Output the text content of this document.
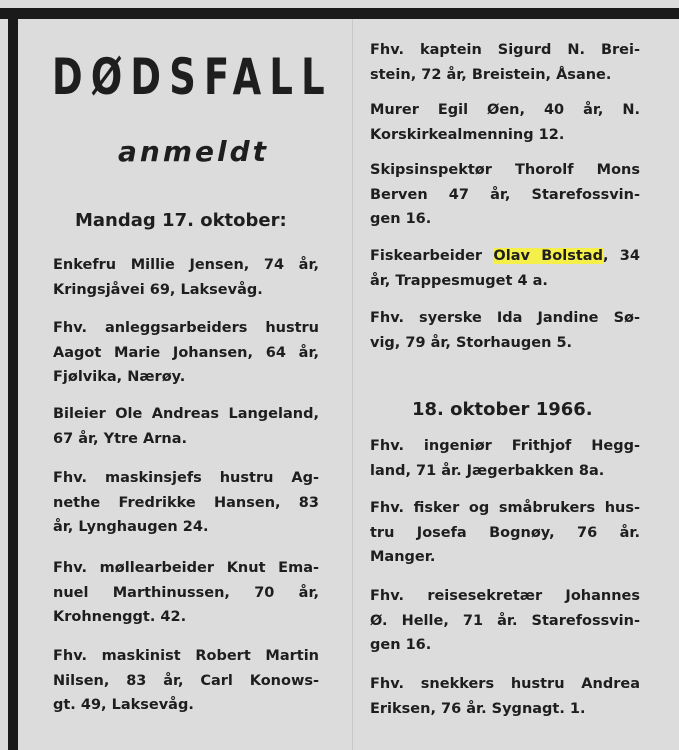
DØDSFALL
anmeldt
Mandag 17. oktober:
18. oktober 1966.
Enkefru Millie Jensen, 74 år,
Kringsjåvei 69, Laksevåg.
Fhv. anleggsarbeiders hustru
Aagot Marie Johansen, 64 år,
Fjølvika, Nærøy.
Bileier Ole Andreas Langeland,
67 år, Ytre Arna.
Fhv. maskinsjefs hustru Ag-
nethe Fredrikke Hansen, 83
år, Lynghaugen 24.
Fhv. møllearbeider Knut Ema-
nuel Marthinussen, 70 år,
Krohnenggt. 42.
Fhv. maskinist Robert Martin
Nilsen, 83 år, Carl Konows-
gt. 49, Laksevåg.
Fhv. kaptein Sigurd N. Brei-
stein, 72 år, Breistein, Åsane.
Murer Egil Øen, 40 år, N.
Korskirkealmenning 12.
Skipsinspektør Thorolf Mons
Berven 47 år, Starefossvin-
gen 16.
Fiskearbeider Olav Bolstad, 34
år, Trappesmuget 4 a.
Fhv. syerske Ida Jandine Sø-
vig, 79 år, Storhaugen 5.
Fhv. ingeniør Frithjof Hegg-
land, 71 år. Jægerbakken 8a.
Fhv. fisker og småbrukers hus-
tru Josefa Bognøy, 76 år.
Manger.
Fhv. reisesekretær Johannes
Ø. Helle, 71 år. Starefossvin-
gen 16.
Fhv. snekkers hustru Andrea
Eriksen, 76 år. Sygnagt. 1.
